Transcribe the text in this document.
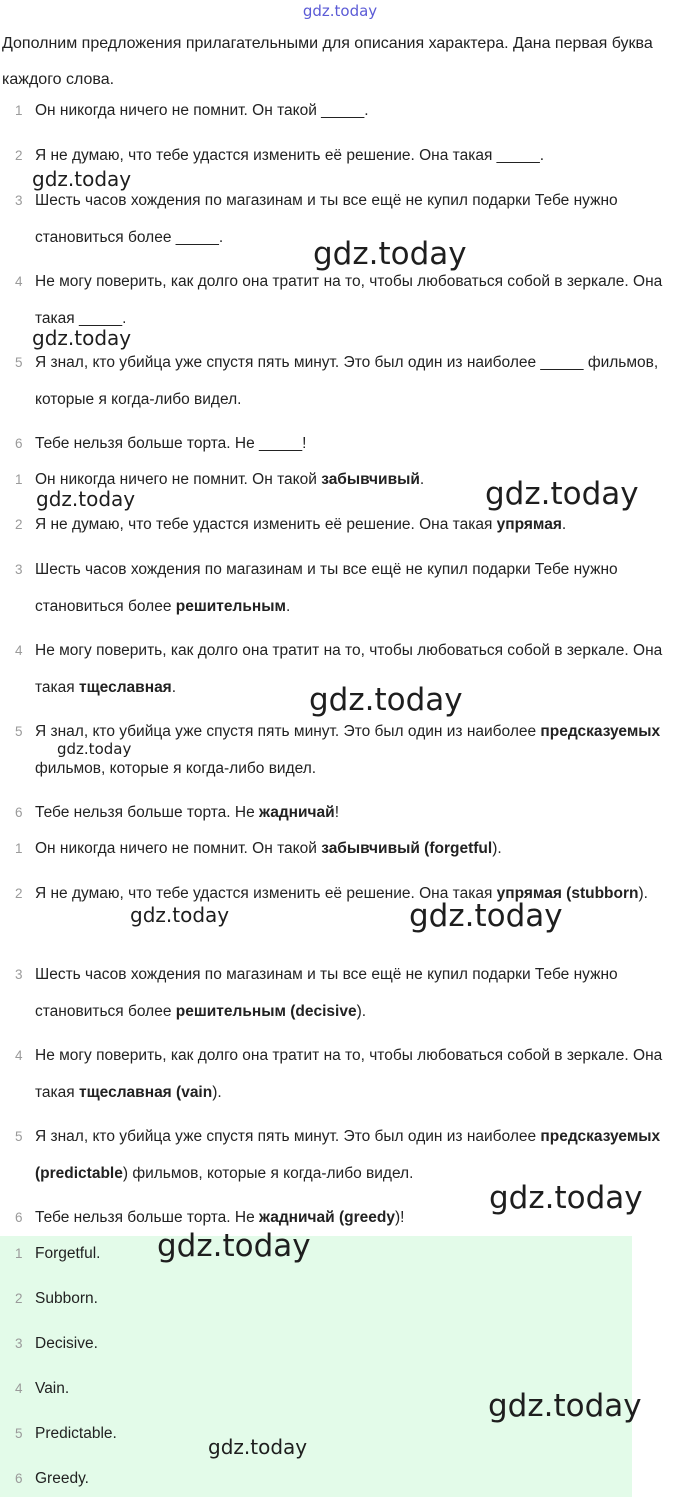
gdz.today
Дополним предложения прилагательными для описания характера. Дана первая буква каждого слова.
1 Он никогда ничего не помнит. Он такой _____.
2 Я не думаю, что тебе удастся изменить её решение. Она такая _____.
3 Шесть часов хождения по магазинам и ты все ещё не купил подарки Тебе нужно становиться более _____.
4 Не могу поверить, как долго она тратит на то, чтобы любоваться собой в зеркале. Она такая _____.
5 Я знал, кто убийца уже спустя пять минут. Это был один из наиболее _____ фильмов, которые я когда-либо видел.
6 Тебе нельзя больше торта. Не _____!
1 Он никогда ничего не помнит. Он такой забывчивый.
2 Я не думаю, что тебе удастся изменить её решение. Она такая упрямая.
3 Шесть часов хождения по магазинам и ты все ещё не купил подарки Тебе нужно становиться более решительным.
4 Не могу поверить, как долго она тратит на то, чтобы любоваться собой в зеркале. Она такая тщеславная.
5 Я знал, кто убийца уже спустя пять минут. Это был один из наиболее предсказуемых фильмов, которые я когда-либо видел.
6 Тебе нельзя больше торта. Не жадничай!
1 Он никогда ничего не помнит. Он такой забывчивый (forgetful).
2 Я не думаю, что тебе удастся изменить её решение. Она такая упрямая (stubborn).
3 Шесть часов хождения по магазинам и ты все ещё не купил подарки Тебе нужно становиться более решительным (decisive).
4 Не могу поверить, как долго она тратит на то, чтобы любоваться собой в зеркале. Она такая тщеславная (vain).
5 Я знал, кто убийца уже спустя пять минут. Это был один из наиболее предсказуемых (predictable) фильмов, которые я когда-либо видел.
6 Тебе нельзя больше торта. Не жадничай (greedy)!
1 Forgetful.
2 Subborn.
3 Decisive.
4 Vain.
5 Predictable.
6 Greedy.
gdz.today
gdz.today
gdz.today
gdz.today
gdz.today
gdz.today
gdz.today
gdz.today	gdz.today
gdz.today
gdz.today
gdz.today
gdz.today
